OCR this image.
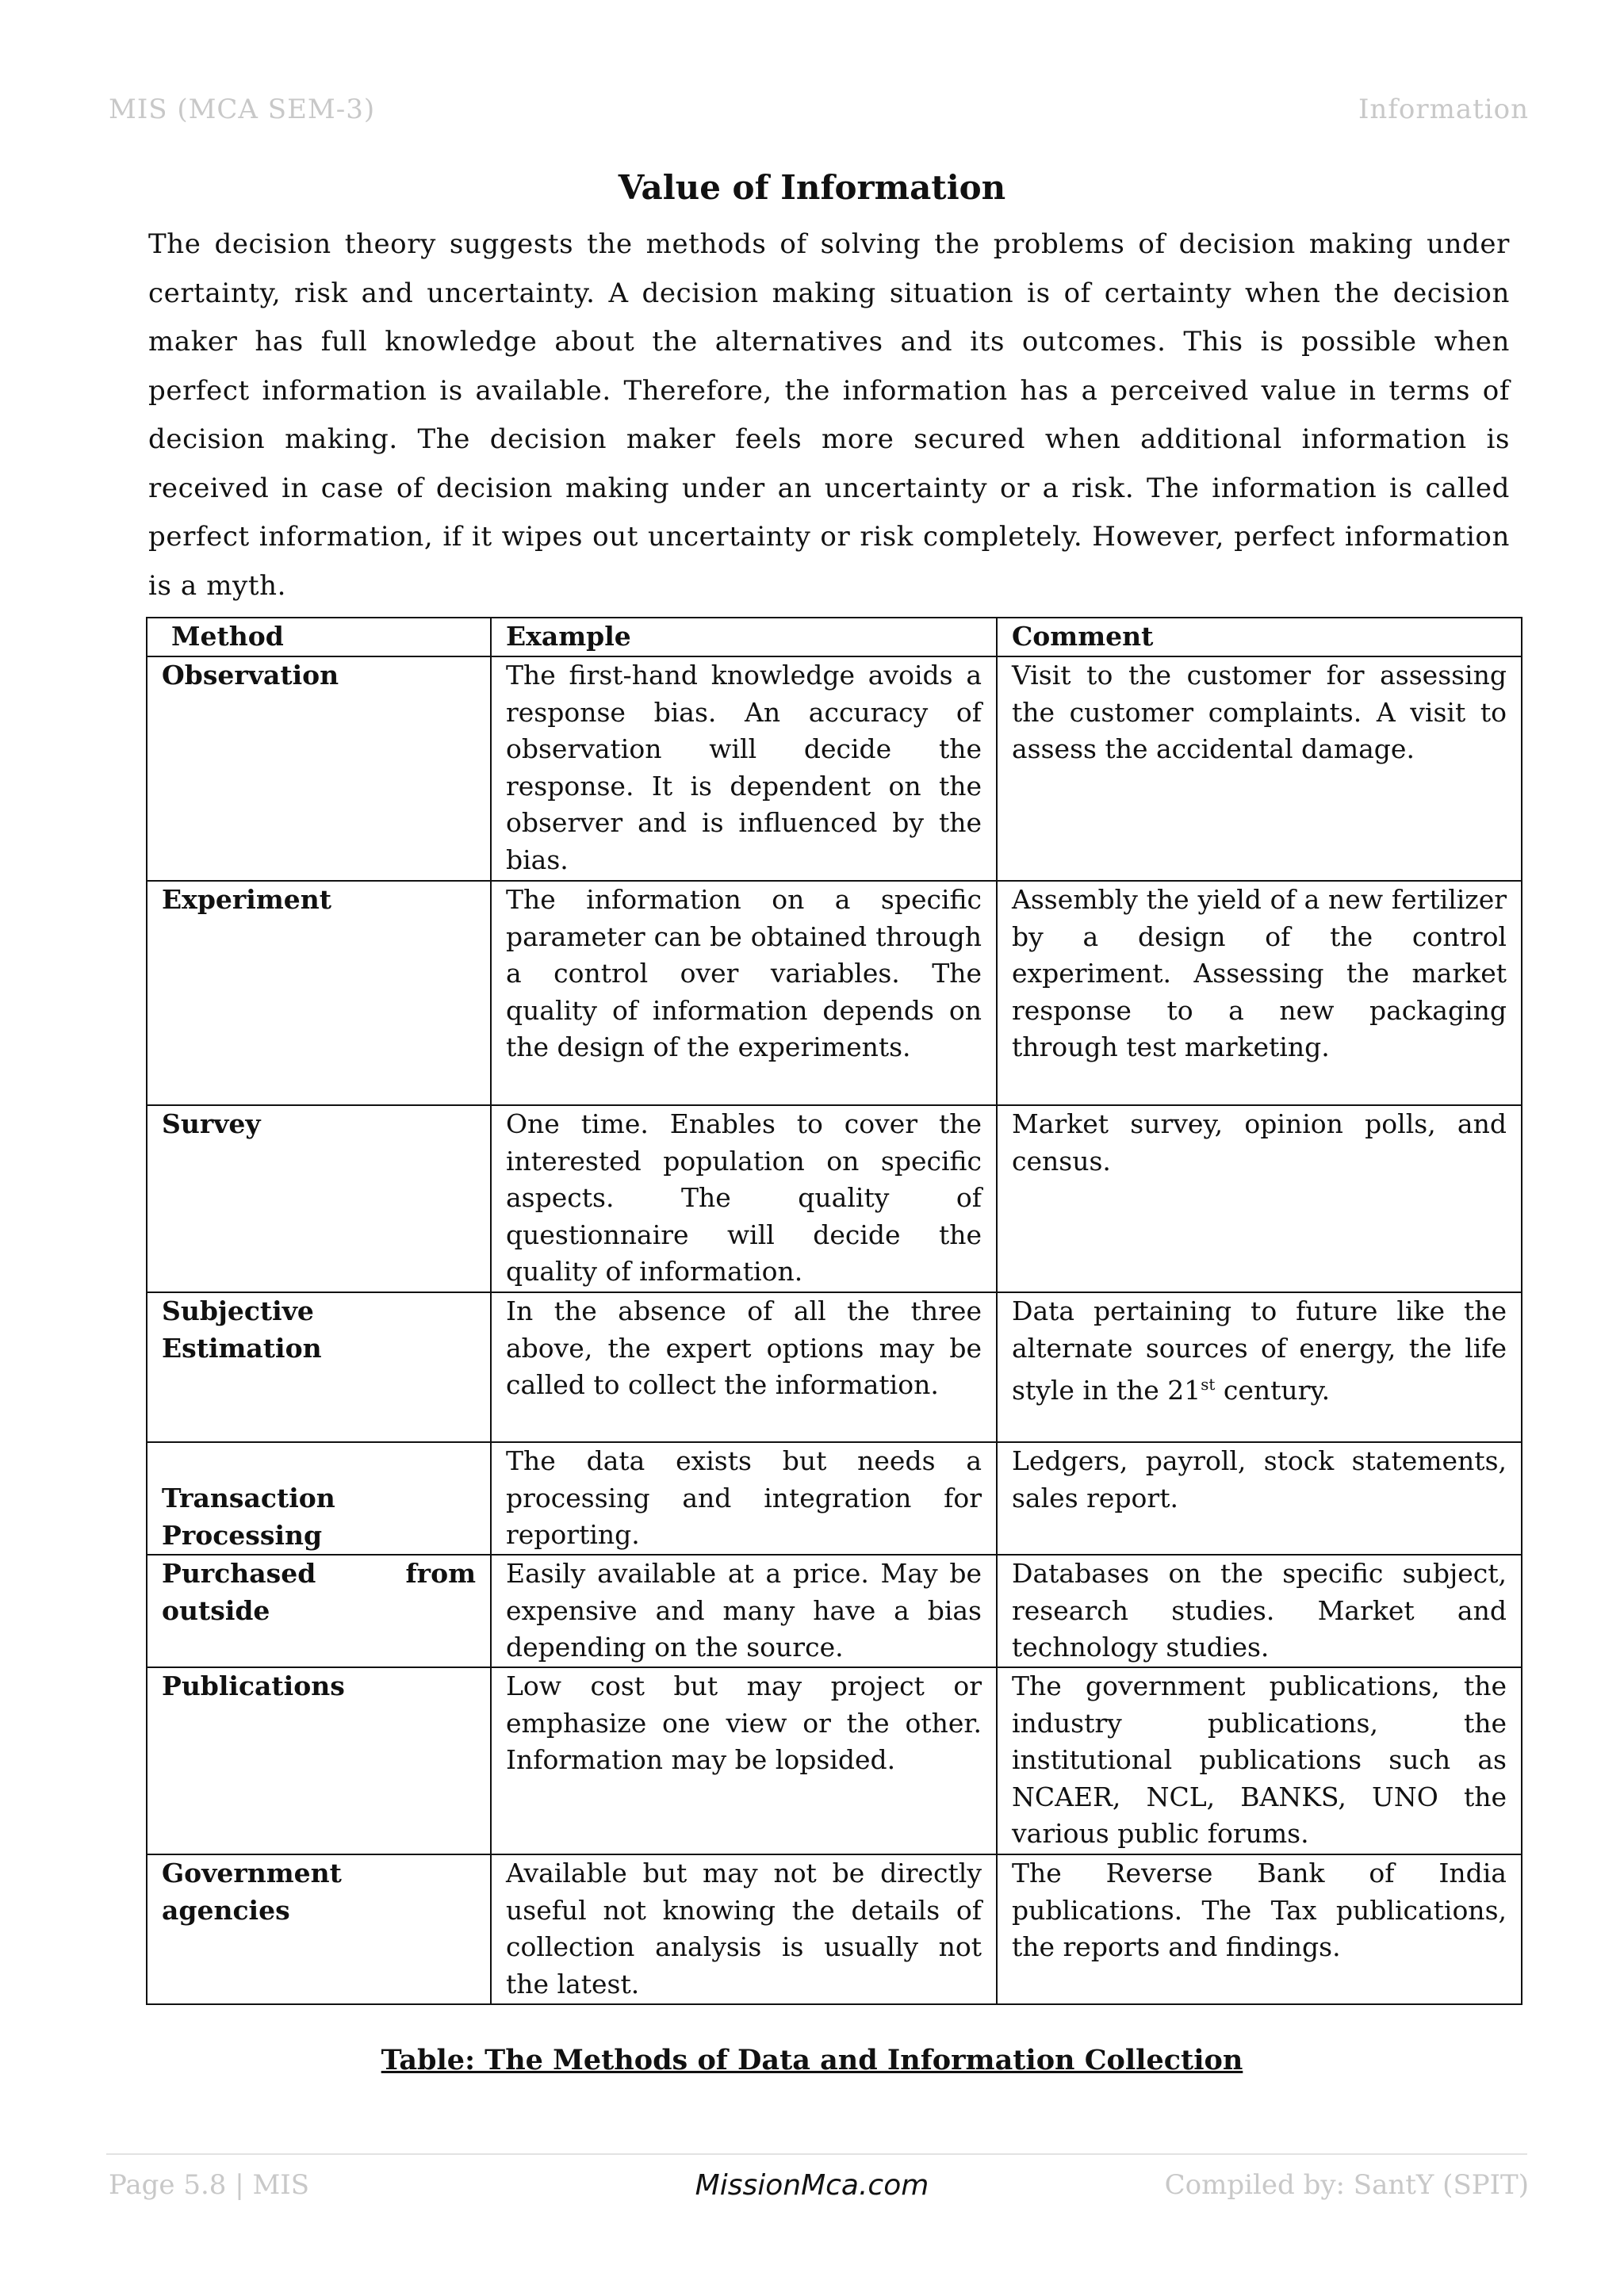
MIS (MCA SEM-3)	Information
Value of Information

The decision theory suggests the methods of solving the problems of decision making under certainty, risk and uncertainty. A decision making situation is of certainty when the decision maker has full knowledge about the alternatives and its outcomes. This is possible when perfect information is available. Therefore, the information has a perceived value in terms of decision making. The decision maker feels more secured when additional information is received in case of decision making under an uncertainty or a risk. The information is called perfect information, if it wipes out uncertainty or risk completely. However, perfect information is a myth.

Method	Example	Comment
Observation	The first-hand knowledge avoids a response bias. An accuracy of observation will decide the response. It is dependent on the observer and is influenced by the bias.	Visit to the customer for assessing the customer complaints. A visit to assess the accidental damage.
Experiment	The information on a specific parameter can be obtained through a control over variables. The quality of information depends on the design of the experiments.	Assembly the yield of a new fertilizer by a design of the control experiment. Assessing the market response to a new packaging through test marketing.
Survey	One time. Enables to cover the interested population on specific aspects. The quality of questionnaire will decide the quality of information.	Market survey, opinion polls, and census.
Subjective Estimation	In the absence of all the three above, the expert options may be called to collect the information.	Data pertaining to future like the alternate sources of energy, the life style in the 21st century.
Transaction Processing	The data exists but needs a processing and integration for reporting.	Ledgers, payroll, stock statements, sales report.
Purchased from outside	Easily available at a price. May be expensive and many have a bias depending on the source.	Databases on the specific subject, research studies. Market and technology studies.
Publications	Low cost but may project or emphasize one view or the other. Information may be lopsided.	The government publications, the industry publications, the institutional publications such as NCAER, NCL, BANKS, UNO the various public forums.
Government agencies	Available but may not be directly useful not knowing the details of collection analysis is usually not the latest.	The Reverse Bank of India publications. The Tax publications, the reports and findings.
Table: The Methods of Data and Information Collection
Page 5.8 | MIS	MissionMca.com	Compiled by: SantY (SPIT)
